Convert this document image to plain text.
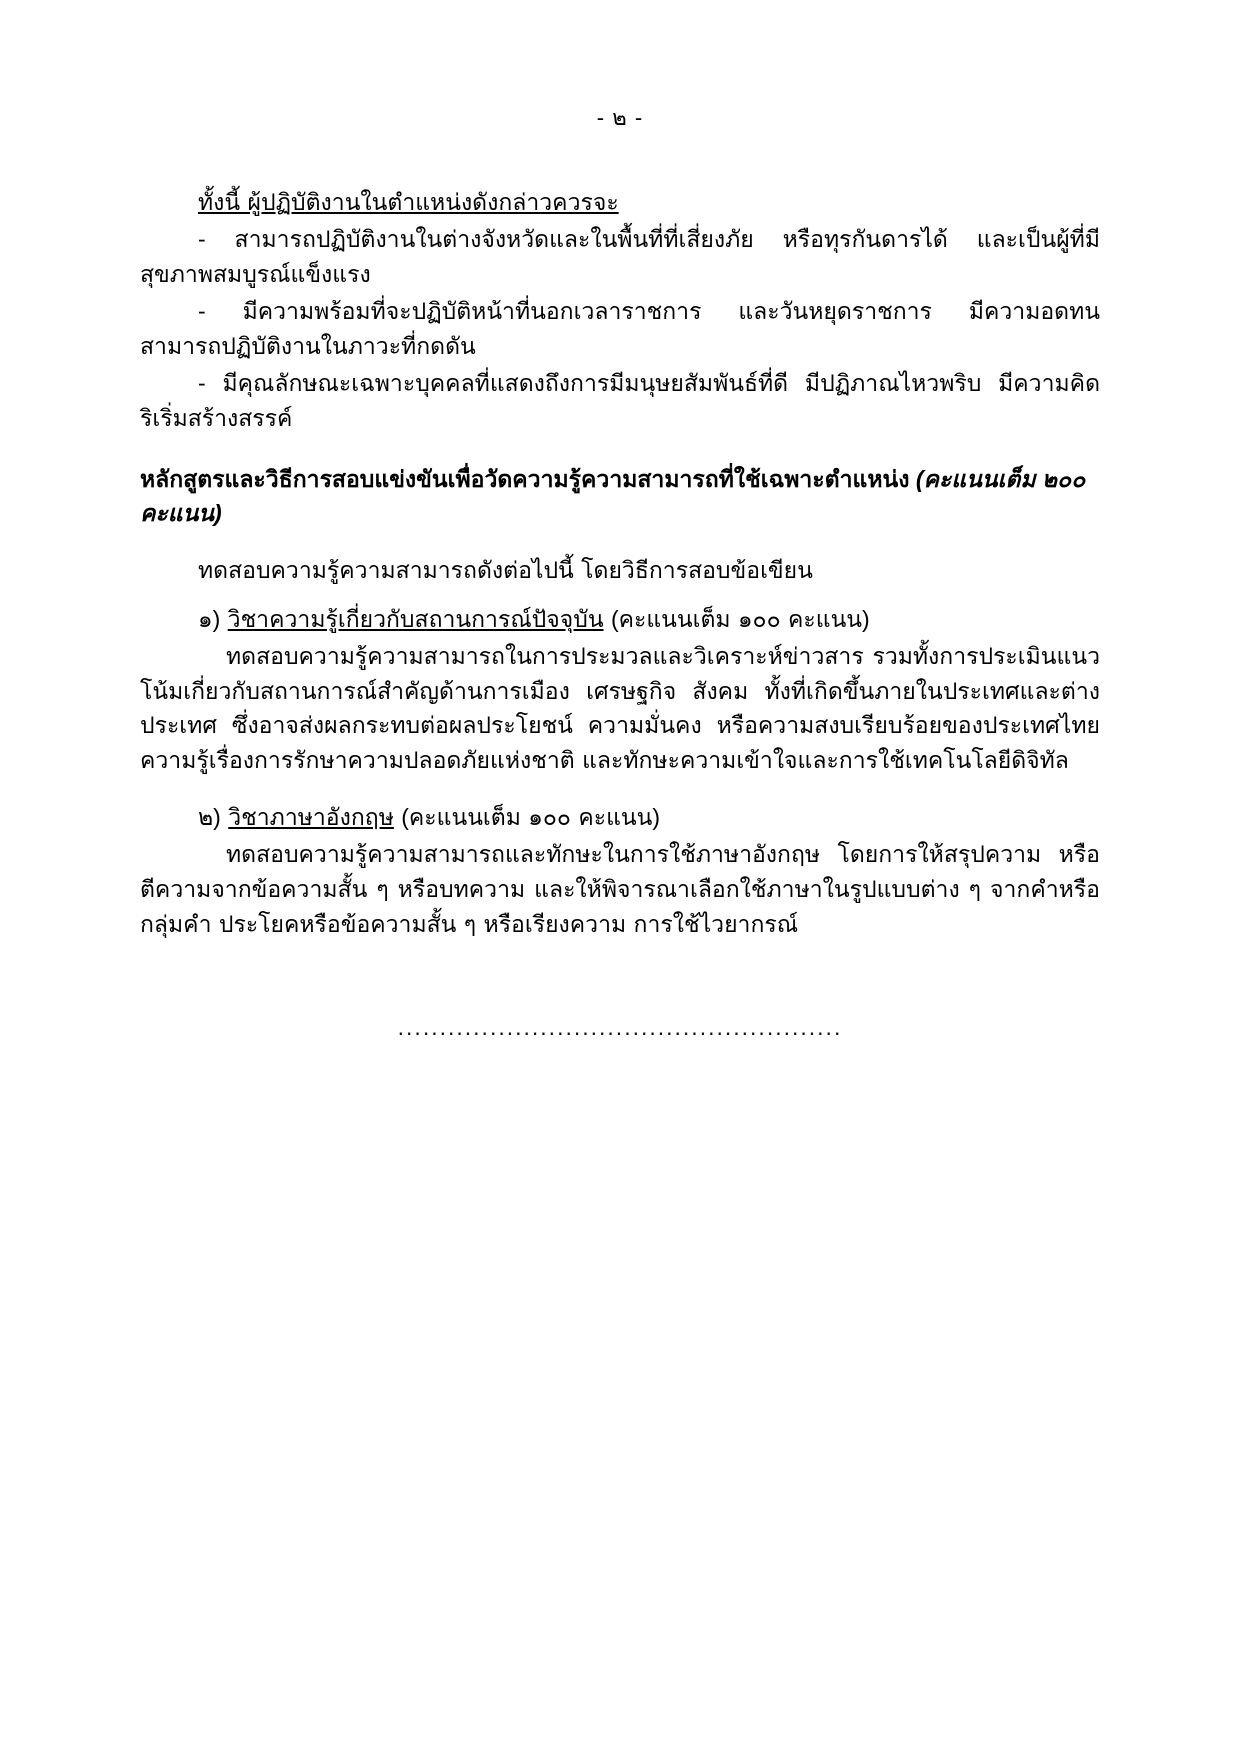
- ๒ -

ทั้งนี้ ผู้ปฏิบัติงานในตำแหน่งดังกล่าวควรจะ

- สามารถปฏิบัติงานในต่างจังหวัดและในพื้นที่ที่เสี่ยงภัย หรือทุรกันดารได้ และเป็นผู้ที่มีสุขภาพสมบูรณ์แข็งแรง

- มีความพร้อมที่จะปฏิบัติหน้าที่นอกเวลาราชการ และวันหยุดราชการ มีความอดทน สามารถปฏิบัติงานในภาวะที่กดดัน

- มีคุณลักษณะเฉพาะบุคคลที่แสดงถึงการมีมนุษยสัมพันธ์ที่ดี มีปฏิภาณไหวพริบ มีความคิดริเริ่มสร้างสรรค์

หลักสูตรและวิธีการสอบแข่งขันเพื่อวัดความรู้ความสามารถที่ใช้เฉพาะตำแหน่ง (คะแนนเต็ม ๒๐๐ คะแนน)

ทดสอบความรู้ความสามารถดังต่อไปนี้ โดยวิธีการสอบข้อเขียน

๑) วิชาความรู้เกี่ยวกับสถานการณ์ปัจจุบัน (คะแนนเต็ม ๑๐๐ คะแนน)

ทดสอบความรู้ความสามารถในการประมวลและวิเคราะห์ข่าวสาร รวมทั้งการประเมินแนวโน้มเกี่ยวกับสถานการณ์สำคัญด้านการเมือง เศรษฐกิจ สังคม ทั้งที่เกิดขึ้นภายในประเทศและต่างประเทศ ซึ่งอาจส่งผลกระทบต่อผลประโยชน์ ความมั่นคง หรือความสงบเรียบร้อยของประเทศไทย ความรู้เรื่องการรักษาความปลอดภัยแห่งชาติ และทักษะความเข้าใจและการใช้เทคโนโลยีดิจิทัล

๒) วิชาภาษาอังกฤษ (คะแนนเต็ม ๑๐๐ คะแนน)

ทดสอบความรู้ความสามารถและทักษะในการใช้ภาษาอังกฤษ โดยการให้สรุปความ หรือตีความจากข้อความสั้น ๆ หรือบทความ และให้พิจารณาเลือกใช้ภาษาในรูปแบบต่าง ๆ จากคำหรือกลุ่มคำ ประโยคหรือข้อความสั้น ๆ หรือเรียงความ การใช้ไวยากรณ์

.....................................................
